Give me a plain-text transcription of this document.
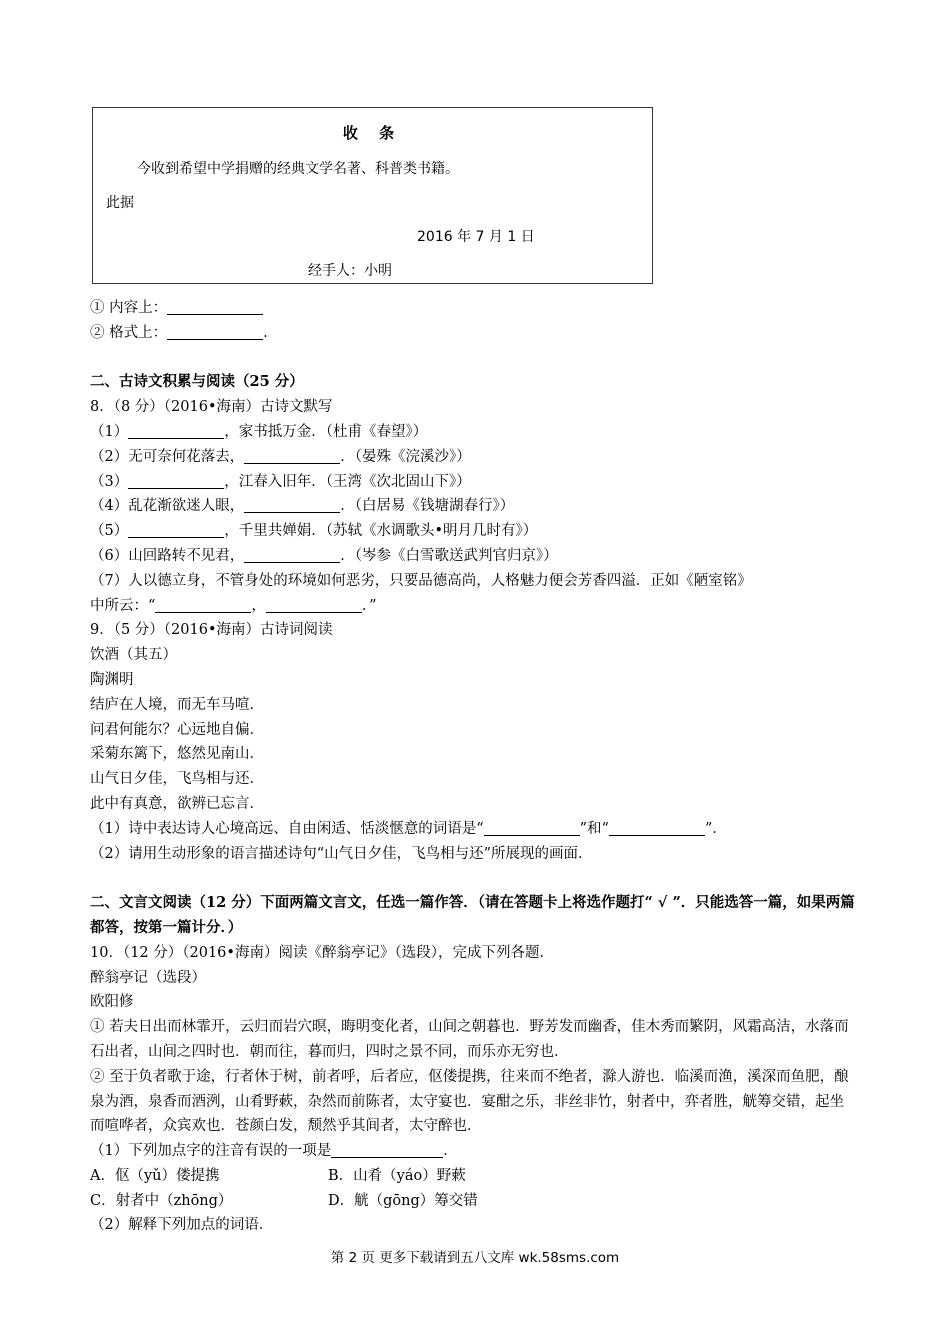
收 条
今收到希望中学捐赠的经典文学名著、科普类书籍。
此据
2016 年 7 月 1 日
经手人：小明

① 内容上：

② 格式上：	.

二、古诗文积累与阅读（25 分）

8．（8 分）（2016•海南）古诗文默写

（1）	，家书抵万金．（杜甫《春望》）

（2）无可奈何花落去，	．（晏殊《浣溪沙》）

（3）	，江春入旧年．（王湾《次北固山下》）

（4）乱花渐欲迷人眼，	．（白居易《钱塘湖春行》）

（5）	，千里共婵娟．（苏轼《水调歌头•明月几时有》）

（6）山回路转不见君，	．（岑参《白雪歌送武判官归京》）

（7）人以德立身，不管身处的环境如何恶劣，只要品德高尚，人格魅力便会芳香四溢．正如《陋室铭》

中所云：“	，	．”

9．（5 分）（2016•海南）古诗词阅读

饮酒（其五）

陶渊明

结庐在人境，而无车马喧．

问君何能尔？心远地自偏．

采菊东篱下，悠然见南山．

山气日夕佳，飞鸟相与还．

此中有真意，欲辨已忘言．

（1）诗中表达诗人心境高远、自由闲适、恬淡惬意的词语是“	”和“	”．

（2）请用生动形象的语言描述诗句“山气日夕佳，飞鸟相与还”所展现的画面．

二、文言文阅读（12 分）下面两篇文言文，任选一篇作答．（请在答题卡上将选作题打“ √ ”．只能选答一篇，如果两篇都答，按第一篇计分．）

10．（12 分）（2016•海南）阅读《醉翁亭记》（选段），完成下列各题．

醉翁亭记（选段）

欧阳修

① 若夫日出而林霏开，云归而岩穴暝，晦明变化者，山间之朝暮也．野芳发而幽香，佳木秀而繁阴，风霜高洁，水落而石出者，山间之四时也．朝而往，暮而归，四时之景不同，而乐亦无穷也．

② 至于负者歌于途，行者休于树，前者呼，后者应，伛偻提携，往来而不绝者，滁人游也．临溪而渔，溪深而鱼肥，酿泉为酒，泉香而酒洌，山肴野蔌，杂然而前陈者，太守宴也．宴酣之乐，非丝非竹，射者中，弈者胜，觥筹交错，起坐而喧哗者，众宾欢也．苍颜白发，颓然乎其间者，太守醉也．

（1）下列加点字的注音有误的一项是	．

A．伛（yǔ）偻提携	B．山肴（yáo）野蔌

C．射者中（zhōng）	D．觥（gōng）筹交错

（2）解释下列加点的词语．

第 2 页 更多下载请到五八文库 wk.58sms.com
